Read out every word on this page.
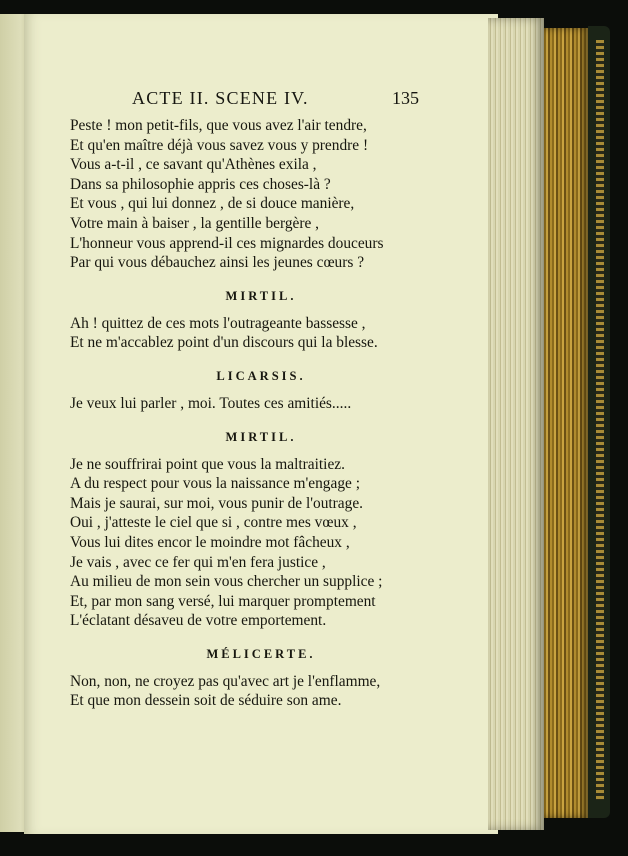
ACTE II. SCENE IV.	135

Peste ! mon petit-fils, que vous avez l'air tendre,

Et qu'en maître déjà vous savez vous y prendre !

Vous a-t-il , ce savant qu'Athènes exila ,

Dans sa philosophie appris ces choses-là ?

Et vous , qui lui donnez , de si douce manière,

Votre main à baiser , la gentille bergère ,

L'honneur vous apprend-il ces mignardes douceurs

Par qui vous débauchez ainsi les jeunes cœurs ?

MIRTIL.

Ah ! quittez de ces mots l'outrageante bassesse ,

Et ne m'accablez point d'un discours qui la blesse.

LICARSIS.

Je veux lui parler , moi. Toutes ces amitiés.....

MIRTIL.

Je ne souffrirai point que vous la maltraitiez.

A du respect pour vous la naissance m'engage ;

Mais je saurai, sur moi, vous punir de l'outrage.

Oui , j'atteste le ciel que si , contre mes vœux ,

Vous lui dites encor le moindre mot fâcheux ,

Je vais , avec ce fer qui m'en fera justice ,

Au milieu de mon sein vous chercher un supplice ;

Et, par mon sang versé, lui marquer promptement

L'éclatant désaveu de votre emportement.

MÉLICERTE.

Non, non, ne croyez pas qu'avec art je l'enflamme,

Et que mon dessein soit de séduire son ame.
